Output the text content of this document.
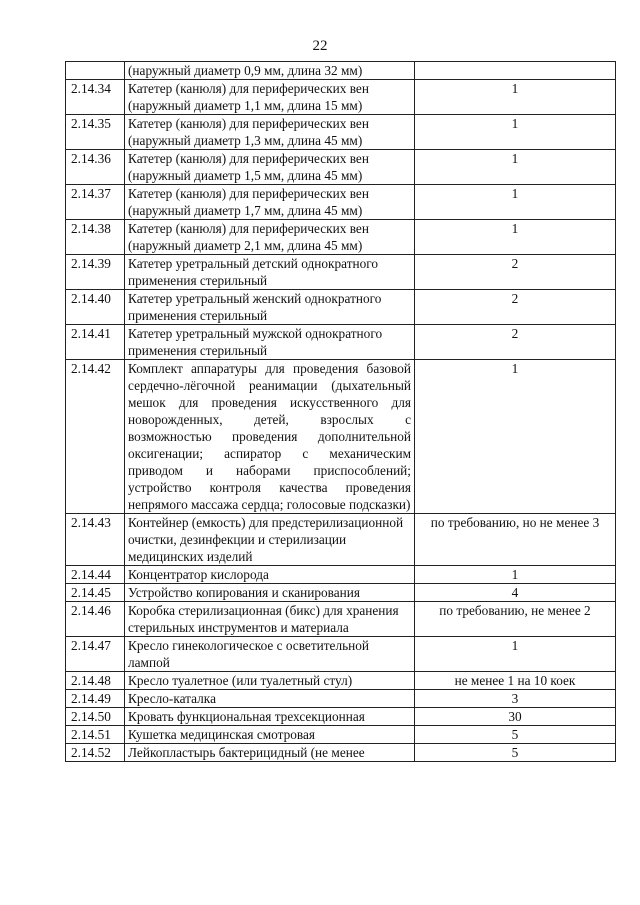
22
	(наружный диаметр 0,9 мм, длина 32 мм)	
2.14.34	Катетер (канюля) для периферических вен (наружный диаметр 1,1 мм, длина 15 мм)	1
2.14.35	Катетер (канюля) для периферических вен (наружный диаметр 1,3 мм, длина 45 мм)	1
2.14.36	Катетер (канюля) для периферических вен (наружный диаметр 1,5 мм, длина 45 мм)	1
2.14.37	Катетер (канюля) для периферических вен (наружный диаметр 1,7 мм, длина 45 мм)	1
2.14.38	Катетер (канюля) для периферических вен (наружный диаметр 2,1 мм, длина 45 мм)	1
2.14.39	Катетер уретральный детский однократного применения стерильный	2
2.14.40	Катетер уретральный женский однократного применения стерильный	2
2.14.41	Катетер уретральный мужской однократного применения стерильный	2
2.14.42	Комплект аппаратуры для проведения базовой сердечно-лёгочной реанимации (дыхательный мешок для проведения искусственного для новорожденных, детей, взрослых с возможностью проведения дополнительной оксигенации; аспиратор с механическим приводом и наборами приспособлений; устройство контроля качества проведения непрямого массажа сердца; голосовые подсказки)	1
2.14.43	Контейнер (емкость) для предстерилизационной очистки, дезинфекции и стерилизации медицинских изделий	по требованию, но не менее 3
2.14.44	Концентратор кислорода	1
2.14.45	Устройство копирования и сканирования	4
2.14.46	Коробка стерилизационная (бикс) для хранения стерильных инструментов и материала	по требованию, не менее 2
2.14.47	Кресло гинекологическое с осветительной лампой	1
2.14.48	Кресло туалетное (или туалетный стул)	не менее 1 на 10 коек
2.14.49	Кресло-каталка	3
2.14.50	Кровать функциональная трехсекционная	30
2.14.51	Кушетка медицинская смотровая	5
2.14.52	Лейкопластырь бактерицидный (не менее	5
